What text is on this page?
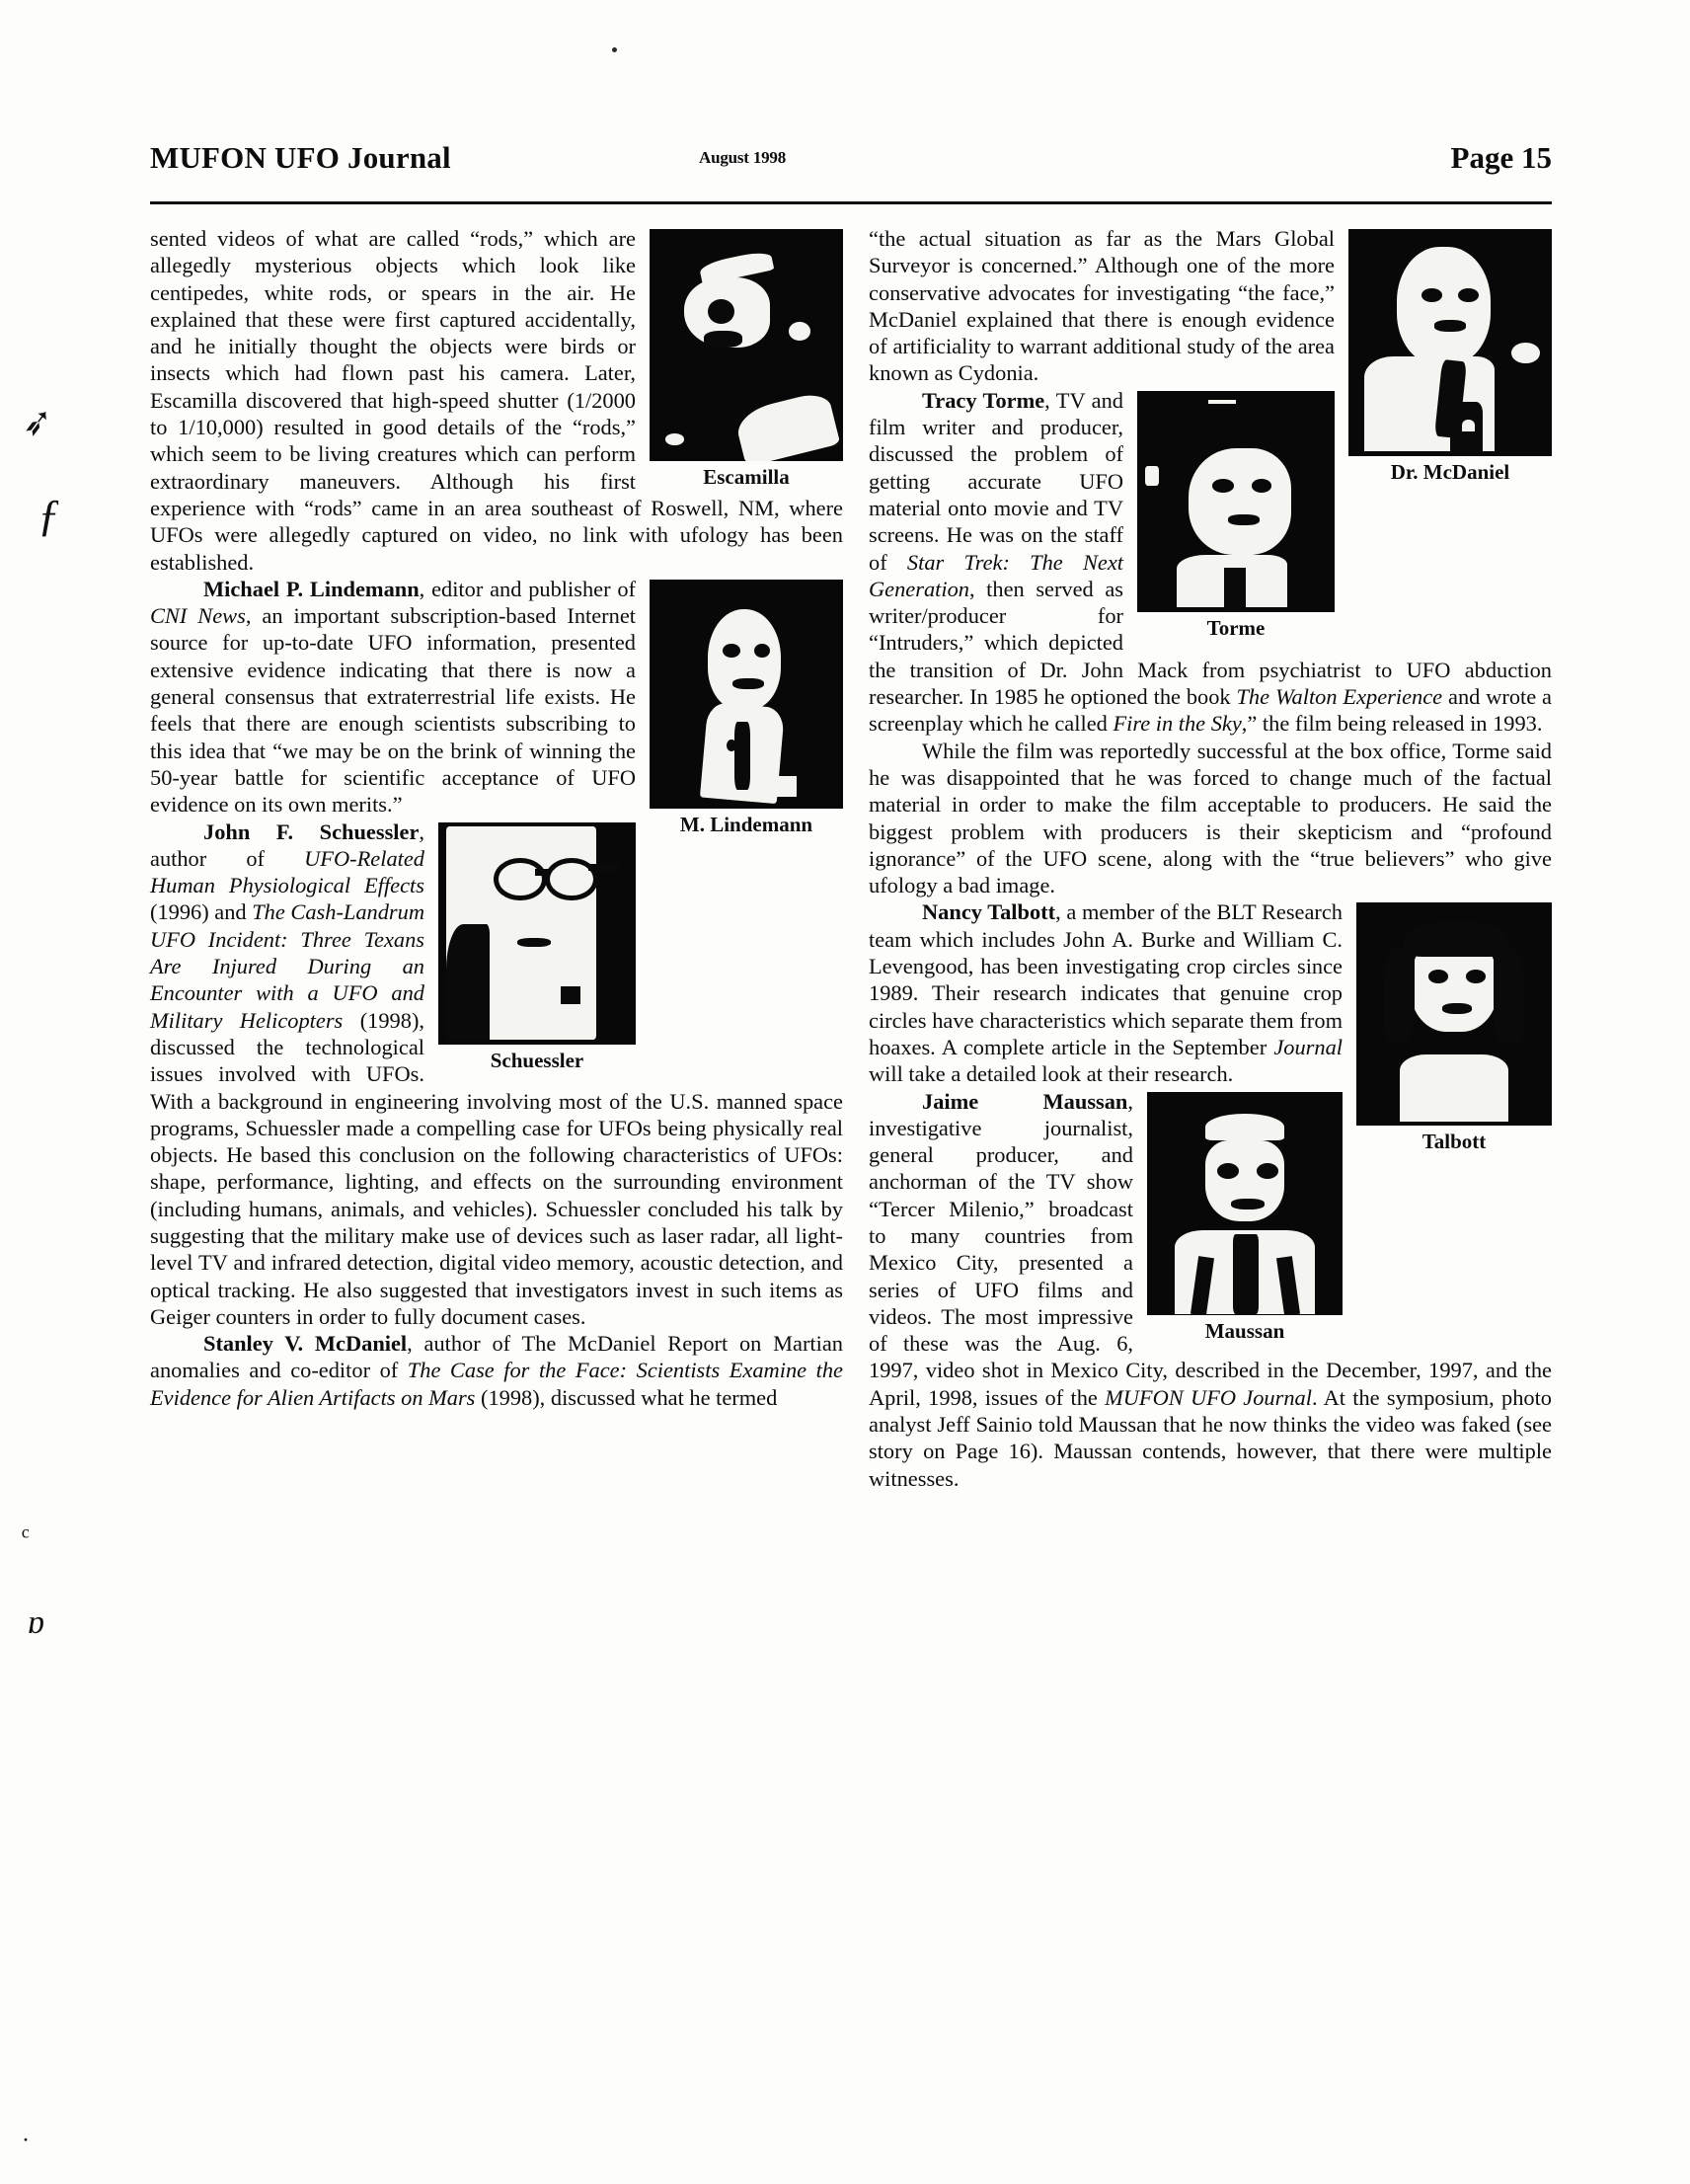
➶
ƒ
ᶜ
ɒ
·
MUFON UFO Journal	August 1998	Page 15
Escamilla

sented videos of what are called “rods,” which are allegedly mysterious objects which look like centipedes, white rods, or spears in the air. He explained that these were first captured accidentally, and he initially thought the objects were birds or insects which had flown past his camera. Later, Escamilla discovered that high-speed shutter (1/2000 to 1/10,000) resulted in good details of the “rods,” which seem to be living creatures which can perform extraordinary maneuvers. Although his first experience with “rods” came in an area southeast of Roswell, NM, where UFOs were allegedly captured on video, no link with ufology has been established.

M. Lindemann

Michael P. Lindemann, editor and publisher of CNI News, an important subscription-based Internet source for up-to-date UFO information, presented extensive evidence indicating that there is now a general consensus that extraterrestrial life exists. He feels that there are enough scientists subscribing to this idea that “we may be on the brink of winning the 50-year battle for scientific acceptance of UFO evidence on its own merits.”

Schuessler

John F. Schuessler, author of UFO-Related Human Physiological Effects (1996) and The Cash-Landrum UFO Incident: Three Texans Are Injured During an Encounter with a UFO and Military Helicopters (1998), discussed the technological issues involved with UFOs. With a background in engineering involving most of the U.S. manned space programs, Schuessler made a compelling case for UFOs being physically real objects. He based this conclusion on the following characteristics of UFOs: shape, performance, lighting, and effects on the surrounding environment (including humans, animals, and vehicles). Schuessler concluded his talk by suggesting that the military make use of devices such as laser radar, all light-level TV and infrared detection, digital video memory, acoustic detection, and optical tracking. He also suggested that investigators invest in such items as Geiger counters in order to fully document cases.

Stanley V. McDaniel, author of The McDaniel Report on Martian anomalies and co-editor of The Case for the Face: Scientists Examine the Evidence for Alien Artifacts on Mars (1998), discussed what he termed

Dr. McDaniel

“the actual situation as far as the Mars Global Surveyor is concerned.” Although one of the more conservative advocates for investigating “the face,” McDaniel explained that there is enough evidence of artificiality to warrant additional study of the area known as Cydonia.

Torme

Tracy Torme, TV and film writer and producer, discussed the problem of getting accurate UFO material onto movie and TV screens. He was on the staff of Star Trek: The Next Generation, then served as writer/producer for “Intruders,” which depicted the transition of Dr. John Mack from psychiatrist to UFO abduction researcher. In 1985 he optioned the book The Walton Experience and wrote a screenplay which he called Fire in the Sky,” the film being released in 1993.

While the film was reportedly successful at the box office, Torme said he was disappointed that he was forced to change much of the factual material in order to make the film acceptable to producers. He said the biggest problem with producers is their skepticism and “profound ignorance” of the UFO scene, along with the “true believers” who give ufology a bad image.

Talbott

Nancy Talbott, a member of the BLT Research team which includes John A. Burke and William C. Levengood, has been investigating crop circles since 1989. Their research indicates that genuine crop circles have characteristics which separate them from hoaxes. A complete article in the September Journal will take a detailed look at their research.

Maussan

Jaime Maussan, investigative journalist, general producer, and anchorman of the TV show “Tercer Milenio,” broadcast to many countries from Mexico City, presented a series of UFO films and videos. The most impressive of these was the Aug. 6, 1997, video shot in Mexico City, described in the December, 1997, and the April, 1998, issues of the MUFON UFO Journal. At the symposium, photo analyst Jeff Sainio told Maussan that he now thinks the video was faked (see story on Page 16). Maussan contends, however, that there were multiple witnesses.
